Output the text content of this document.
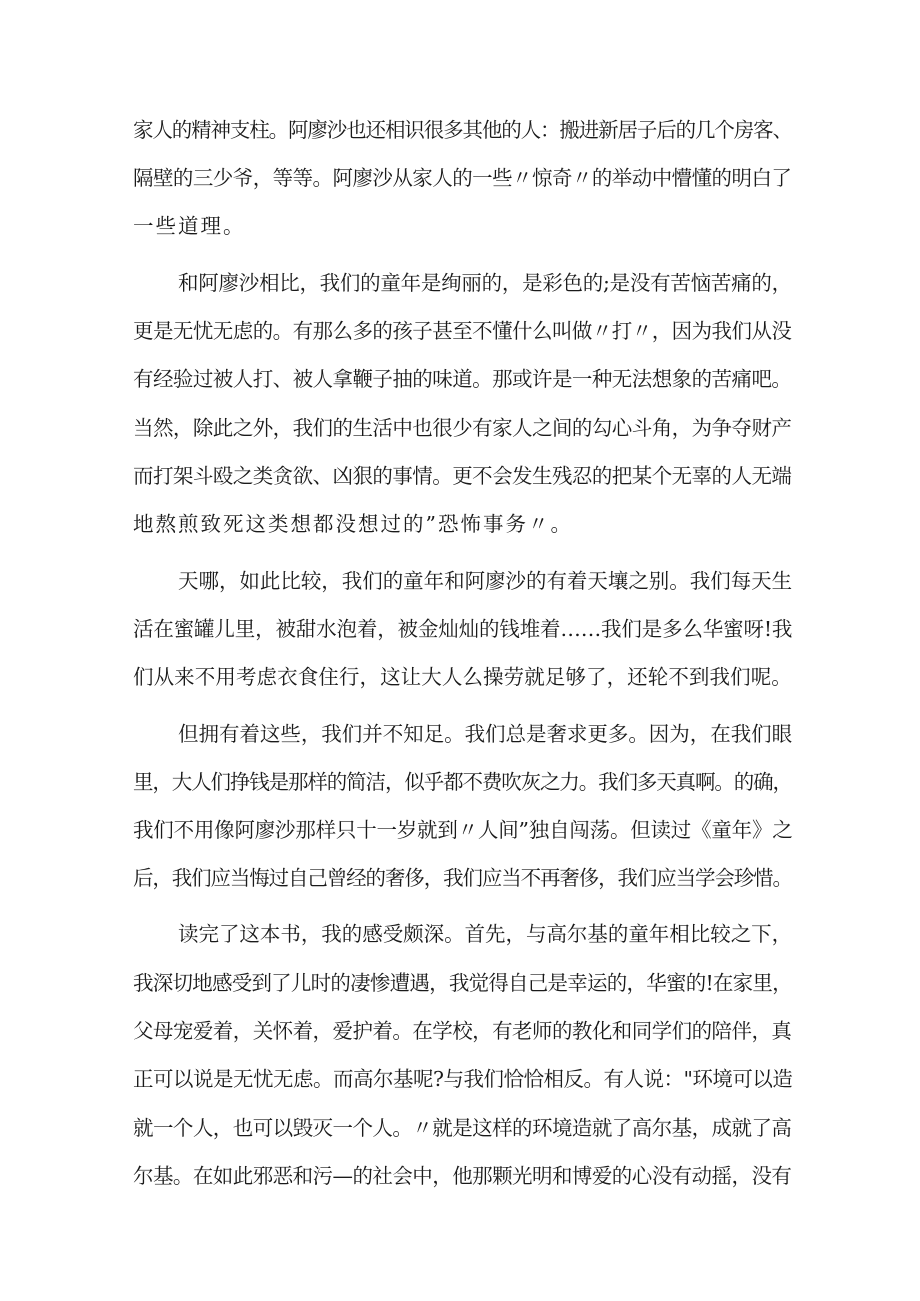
家人的精神支柱。阿廖沙也还相识很多其他的人：搬进新居子后的几个房客、
隔壁的三少爷，等等。阿廖沙从家人的一些〃惊奇〃的举动中懵懂的明白了
一些道理。
和阿廖沙相比，我们的童年是绚丽的，是彩色的;是没有苦恼苦痛的，
更是无忧无虑的。有那么多的孩子甚至不懂什么叫做〃打〃，因为我们从没
有经验过被人打、被人拿鞭子抽的味道。那或许是一种无法想象的苦痛吧。
当然，除此之外，我们的生活中也很少有家人之间的勾心斗角，为争夺财产
而打架斗殴之类贪欲、凶狠的事情。更不会发生残忍的把某个无辜的人无端
地熬煎致死这类想都没想过的”恐怖事务〃。
天哪，如此比较，我们的童年和阿廖沙的有着天壤之别。我们每天生
活在蜜罐儿里，被甜水泡着，被金灿灿的钱堆着……我们是多么华蜜呀!我
们从来不用考虑衣食住行，这让大人么操劳就足够了，还轮不到我们呢。
但拥有着这些，我们并不知足。我们总是奢求更多。因为，在我们眼
里，大人们挣钱是那样的简洁，似乎都不费吹灰之力。我们多天真啊。的确，
我们不用像阿廖沙那样只十一岁就到〃人间”独自闯荡。但读过《童年》之
后，我们应当悔过自己曾经的奢侈，我们应当不再奢侈，我们应当学会珍惜。
读完了这本书，我的感受颇深。首先，与高尔基的童年相比较之下，
我深切地感受到了儿时的凄惨遭遇，我觉得自己是幸运的，华蜜的!在家里，
父母宠爱着，关怀着，爱护着。在学校，有老师的教化和同学们的陪伴，真
正可以说是无忧无虑。而高尔基呢?与我们恰恰相反。有人说："环境可以造
就一个人，也可以毁灭一个人。〃就是这样的环境造就了高尔基，成就了高
尔基。在如此邪恶和污—的社会中，他那颗光明和博爱的心没有动摇，没有
